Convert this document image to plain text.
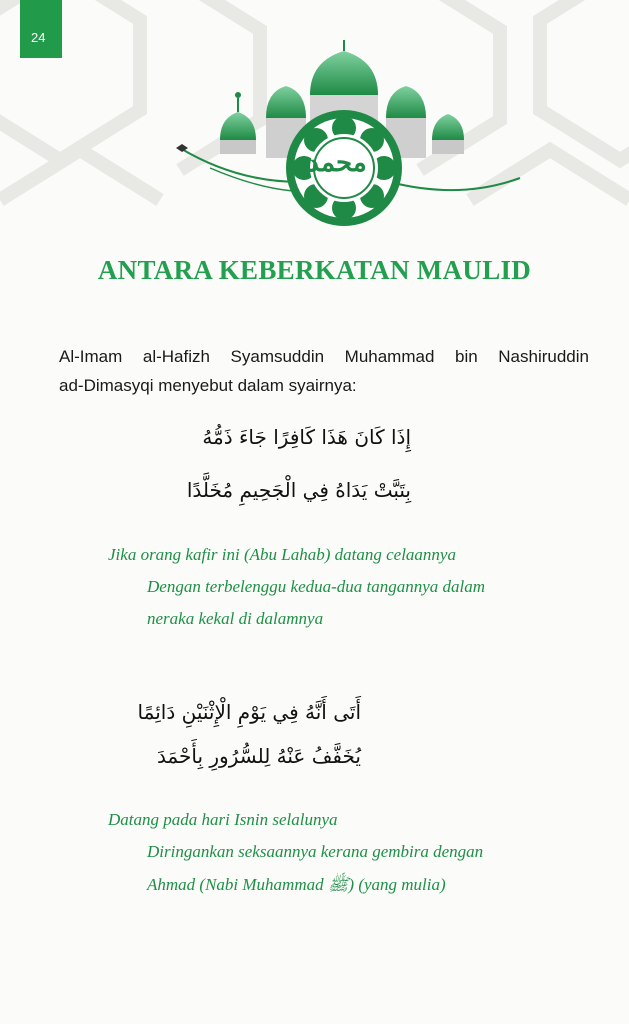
24
محمد
ANTARA KEBERKATAN MAULID
Al-Imam al-Hafizh Syamsuddin Muhammad bin Nashiruddin
ad-Dimasyqi menyebut dalam syairnya:
إِذَا كَانَ هَذَا كَافِرًا جَاءَ ذَمُّهُ
بِتَبَّتْ يَدَاهُ فِي الْجَحِيمِ مُخَلَّدًا
Jika orang kafir ini (Abu Lahab) datang celaannya
Dengan terbelenggu kedua-dua tangannya dalam
neraka kekal di dalamnya
أَتَى أَنَّهُ فِي يَوْمِ الْإِثْنَيْنِ دَائِمًا
يُخَفَّفُ عَنْهُ لِلسُّرُورِ بِأَحْمَدَ
Datang pada hari Isnin selalunya
Diringankan seksaannya kerana gembira dengan
Ahmad (Nabi Muhammad ﷺ) (yang mulia)
